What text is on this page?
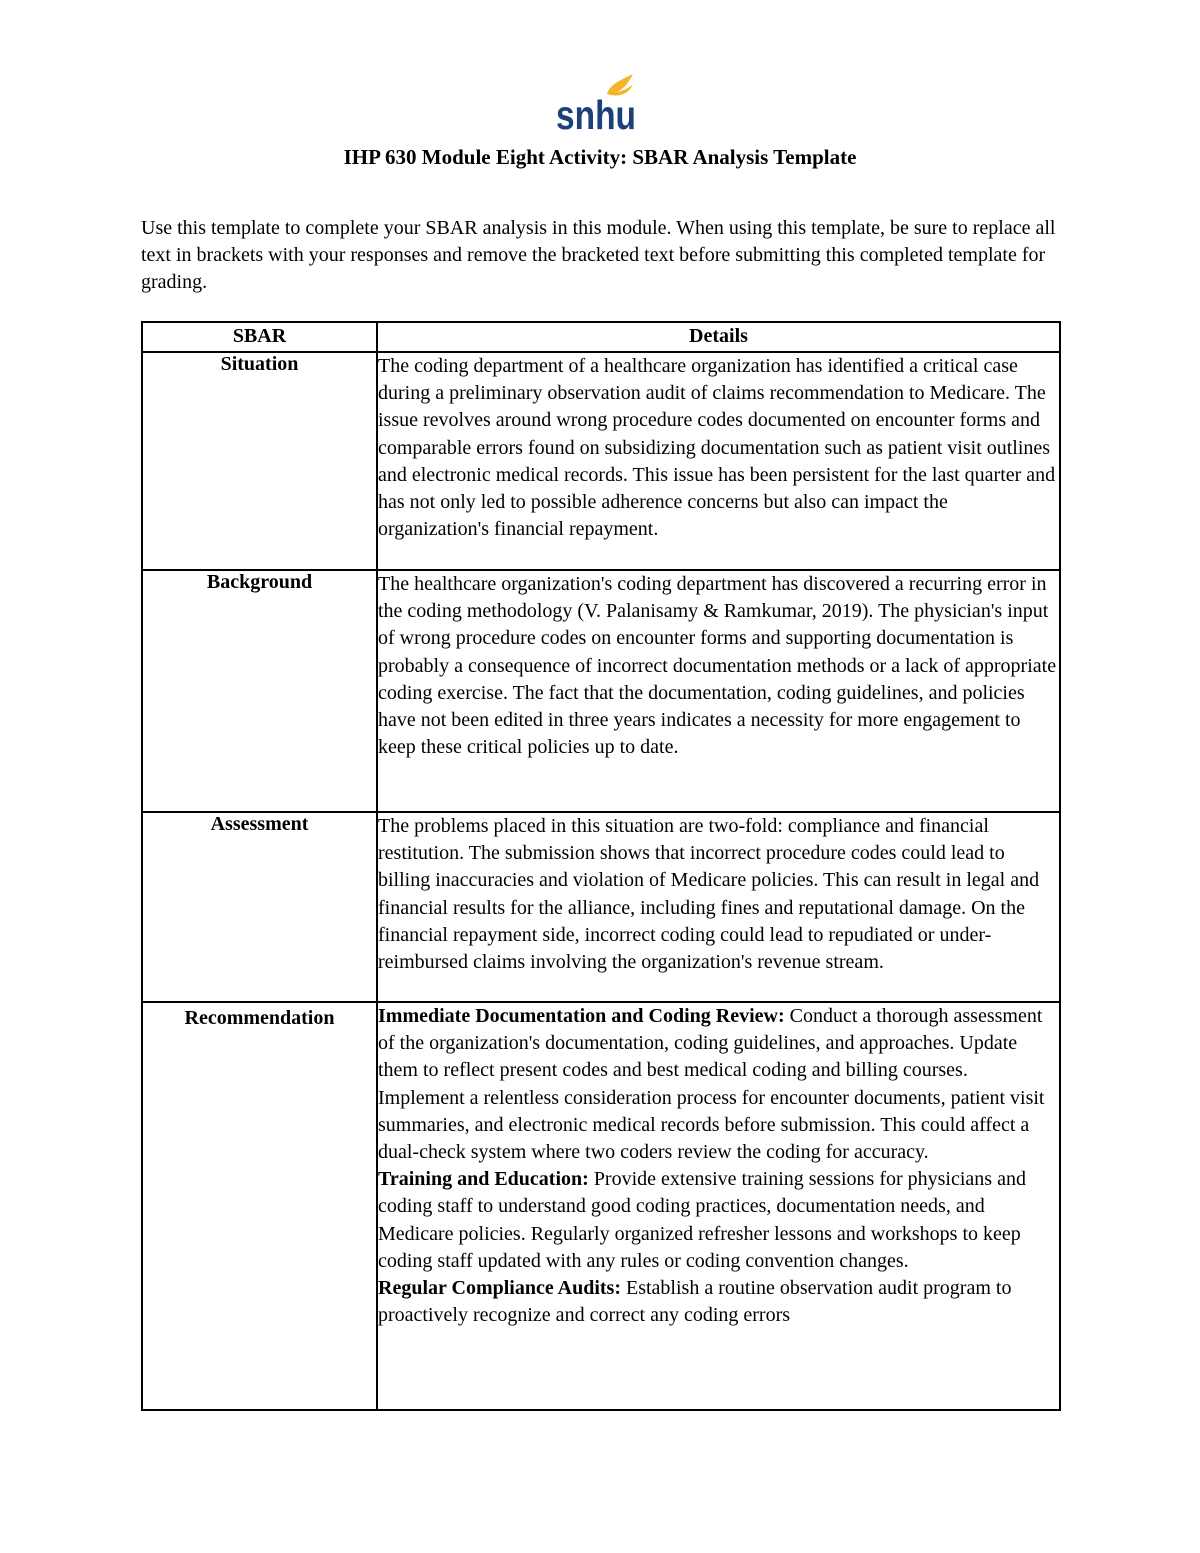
snhu
IHP 630 Module Eight Activity: SBAR Analysis Template

Use this template to complete your SBAR analysis in this module. When using this template, be sure to replace all text in brackets with your responses and remove the bracketed text before submitting this completed template for grading.

SBAR	Details
Situation	The coding department of a healthcare organization has identified a critical case during a preliminary observation audit of claims recommendation to Medicare. The issue revolves around wrong procedure codes documented on encounter forms and comparable errors found on subsidizing documentation such as patient visit outlines and electronic medical records. This issue has been persistent for the last quarter and has not only led to possible adherence concerns but also can impact the organization's financial repayment.
Background	The healthcare organization's coding department has discovered a recurring error in the coding methodology (V. Palanisamy & Ramkumar, 2019). The physician's input of wrong procedure codes on encounter forms and supporting documentation is probably a consequence of incorrect documentation methods or a lack of appropriate coding exercise. The fact that the documentation, coding guidelines, and policies have not been edited in three years indicates a necessity for more engagement to keep these critical policies up to date.
Assessment	The problems placed in this situation are two-fold: compliance and financial restitution. The submission shows that incorrect procedure codes could lead to billing inaccuracies and violation of Medicare policies. This can result in legal and financial results for the alliance, including fines and reputational damage. On the financial repayment side, incorrect coding could lead to repudiated or under-reimbursed claims involving the organization's revenue stream.
Recommendation	Immediate Documentation and Coding Review: Conduct a thorough assessment of the organization's documentation, coding guidelines, and approaches. Update them to reflect present codes and best medical coding and billing courses. Implement a relentless consideration process for encounter documents, patient visit summaries, and electronic medical records before submission. This could affect a dual-check system where two coders review the coding for accuracy.
Training and Education: Provide extensive training sessions for physicians and coding staff to understand good coding practices, documentation needs, and Medicare policies. Regularly organized refresher lessons and workshops to keep coding staff updated with any rules or coding convention changes.
Regular Compliance Audits: Establish a routine observation audit program to proactively recognize and correct any coding errors
